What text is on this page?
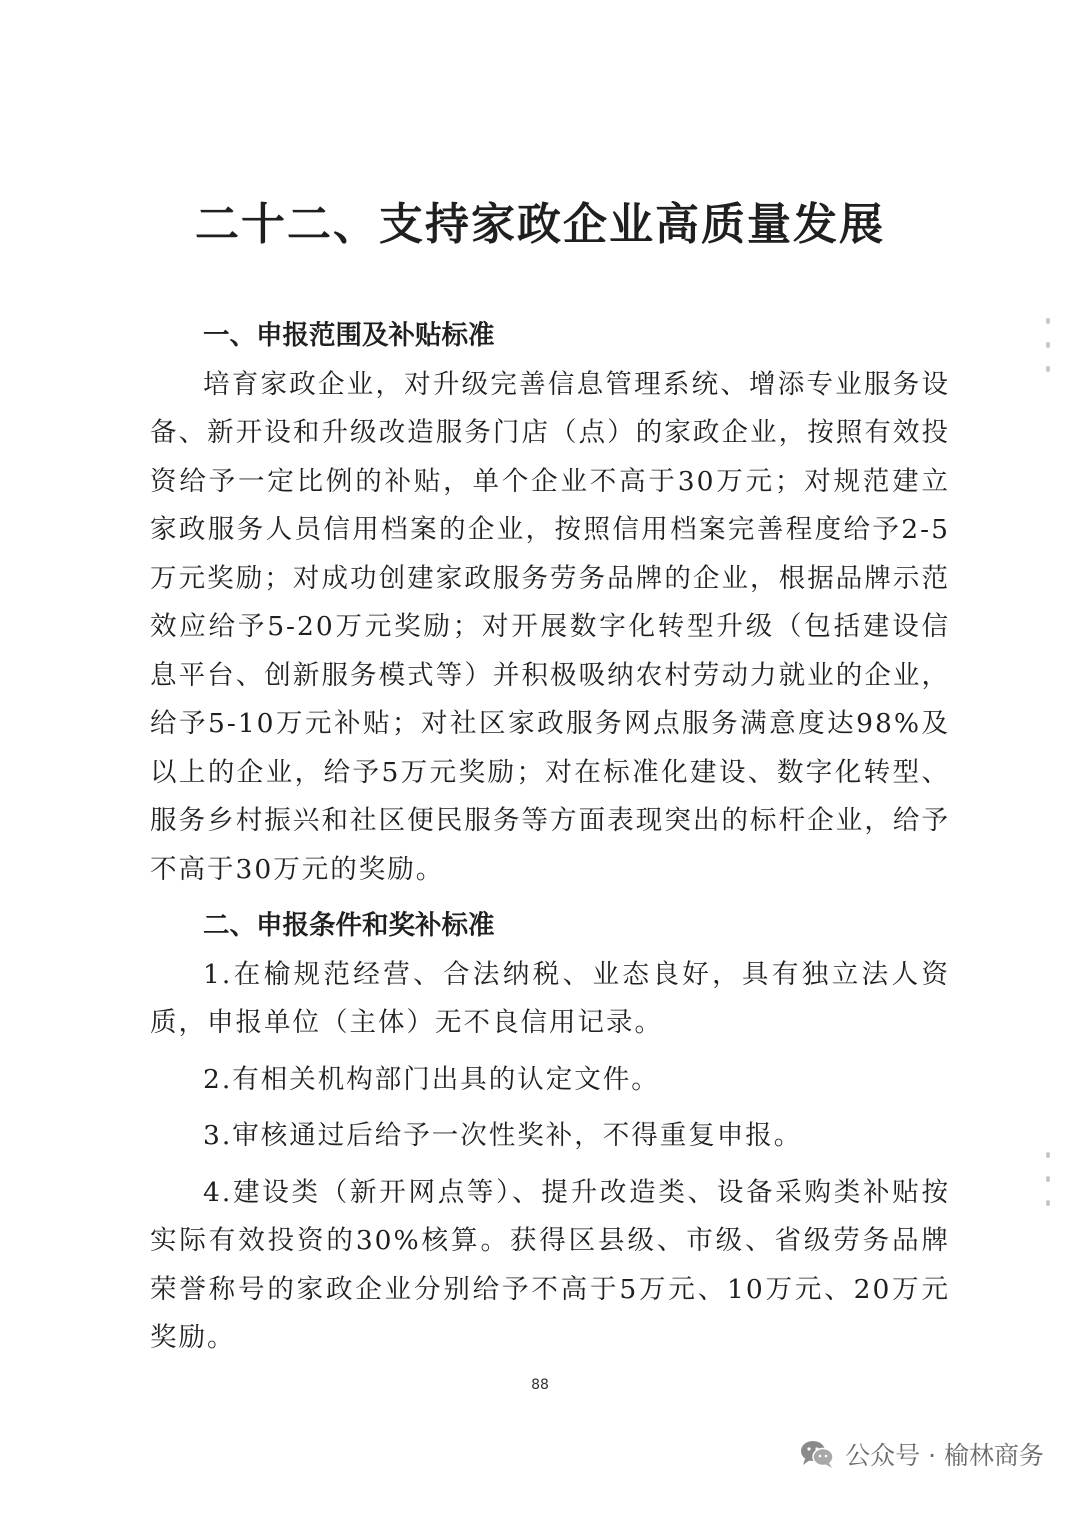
二十二、支持家政企业高质量发展
一、申报范围及补贴标准

培育家政企业，对升级完善信息管理系统、增添专业服务设备、新开设和升级改造服务门店（点）的家政企业，按照有效投资给予一定比例的补贴，单个企业不高于30万元；对规范建立家政服务人员信用档案的企业，按照信用档案完善程度给予2-5万元奖励；对成功创建家政服务劳务品牌的企业，根据品牌示范效应给予5-20万元奖励；对开展数字化转型升级（包括建设信息平台、创新服务模式等）并积极吸纳农村劳动力就业的企业，给予5-10万元补贴；对社区家政服务网点服务满意度达98%及以上的企业，给予5万元奖励；对在标准化建设、数字化转型、服务乡村振兴和社区便民服务等方面表现突出的标杆企业，给予不高于30万元的奖励。

二、申报条件和奖补标准

1.在榆规范经营、合法纳税、业态良好，具有独立法人资质，申报单位（主体）无不良信用记录。

2.有相关机构部门出具的认定文件。

3.审核通过后给予一次性奖补，不得重复申报。

4.建设类（新开网点等）、提升改造类、设备采购类补贴按实际有效投资的30%核算。获得区县级、市级、省级劳务品牌荣誉称号的家政企业分别给予不高于5万元、10万元、20万元奖励。

88
公众号 · 榆林商务
